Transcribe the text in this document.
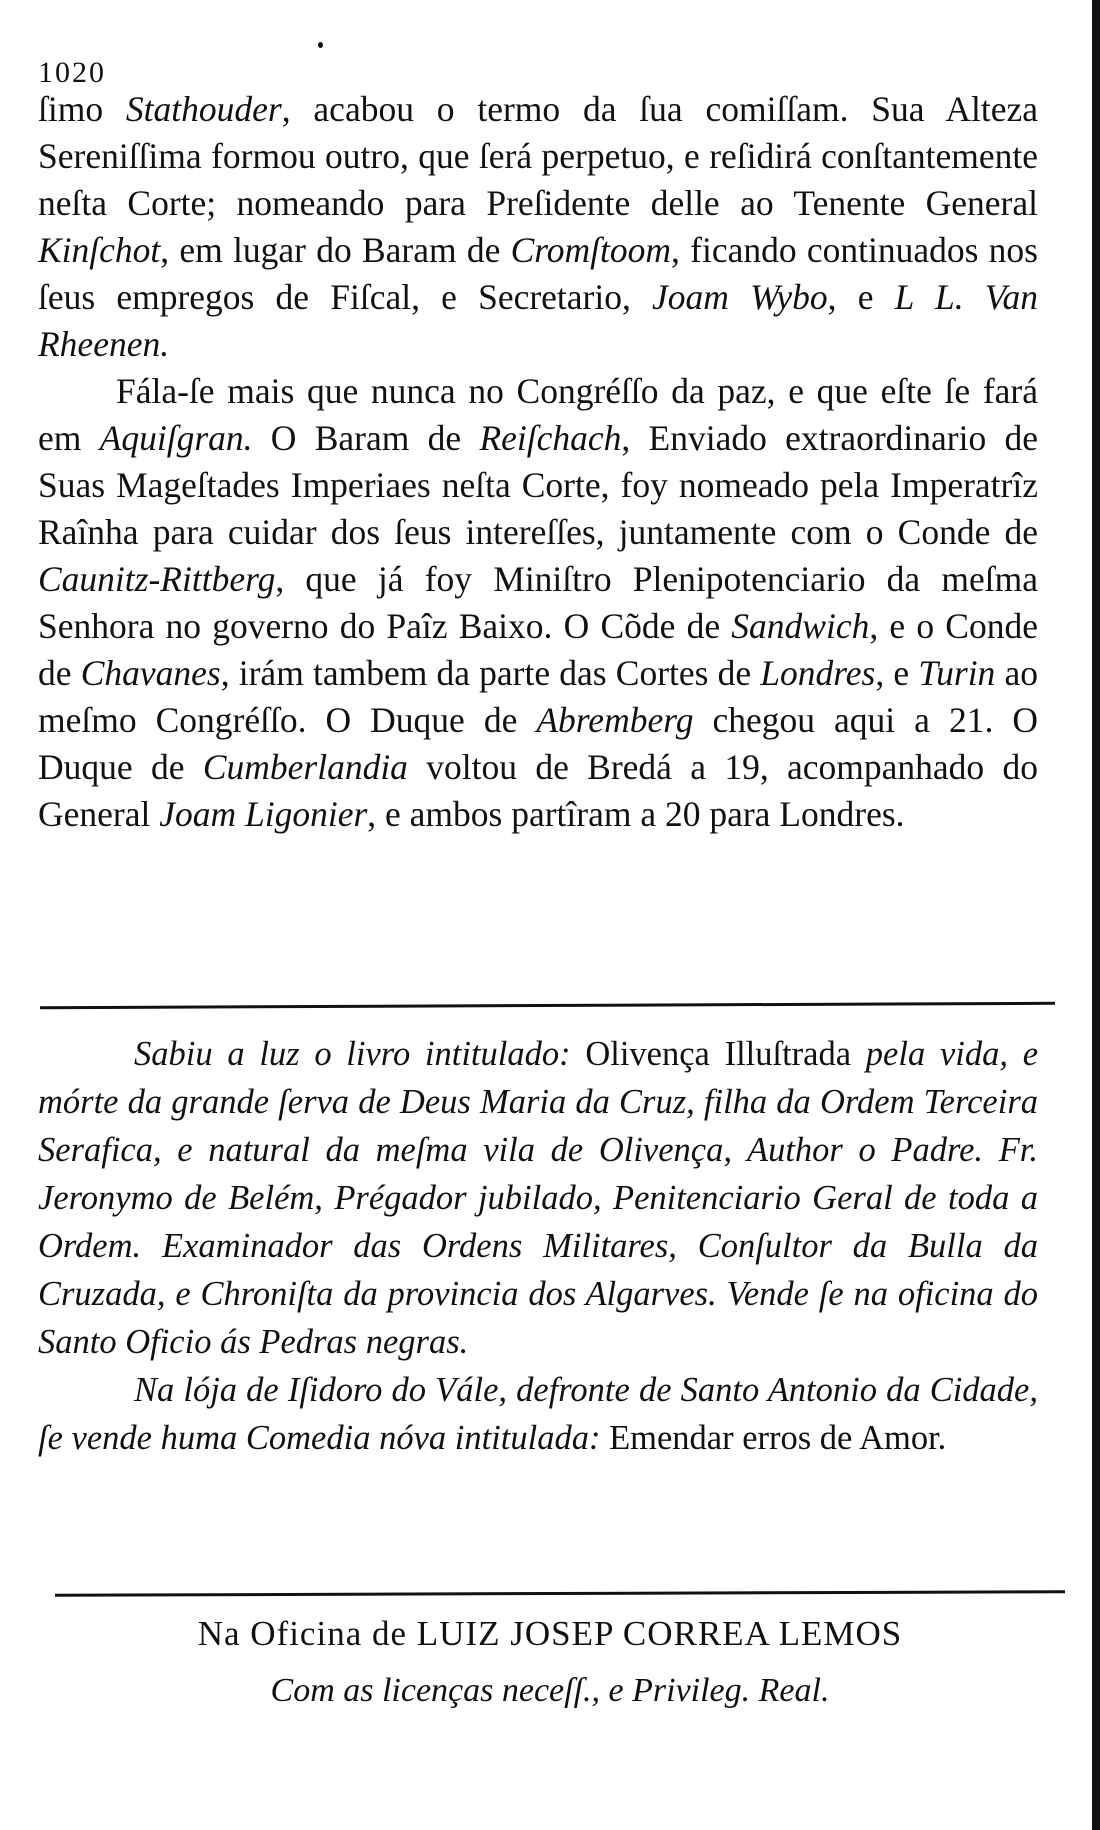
1020

ſimo Stathouder, acabou o termo da ſua comiſſam. Sua Alteza Sereniſſima formou outro, que ſerá perpetuo, e reſidirá conſtantemente neſta Corte; nomeando para Preſidente delle ao Tenente General Kinſchot, em lugar do Baram de Cromſtoom, ficando continuados nos ſeus empregos de Fiſcal, e Secretario, Joam Wybo, e L L. Van Rheenen.

Fála-ſe mais que nunca no Congréſſo da paz, e que eſte ſe fará em Aquiſgran. O Baram de Reiſchach, Enviado extraordinario de Suas Mageſtades Imperiaes neſta Corte, foy nomeado pela Imperatrîz Raînha para cuidar dos ſeus intereſſes, juntamente com o Conde de Caunitz-Rittberg, que já foy Miniſtro Plenipotenciario da meſma Senhora no governo do Paîz Baixo. O Cõde de Sandwich, e o Conde de Chavanes, irám tambem da parte das Cortes de Londres, e Turin ao meſmo Congréſſo. O Duque de Abremberg chegou aqui a 21. O Duque de Cumberlandia voltou de Bredá a 19, acompanhado do General Joam Ligonier, e ambos partîram a 20 para Londres.

Sabiu a luz o livro intitulado: Olivença Illuſtrada pela vida, e mórte da grande ſerva de Deus Maria da Cruz, filha da Ordem Terceira Serafica, e natural da meſma vila de Olivença, Author o Padre. Fr. Jeronymo de Belém, Prégador jubilado, Penitenciario Geral de toda a Ordem. Examinador das Ordens Militares, Conſultor da Bulla da Cruzada, e Chroniſta da provincia dos Algarves. Vende ſe na oficina do Santo Oficio ás Pedras negras.

Na lója de Iſidoro do Vále, defronte de Santo Antonio da Cidade, ſe vende huma Comedia nóva intitulada: Emendar erros de Amor.

Na Oficina de LUIZ JOSEP CORREA LEMOS
Com as licenças neceſſ., e Privileg. Real.
